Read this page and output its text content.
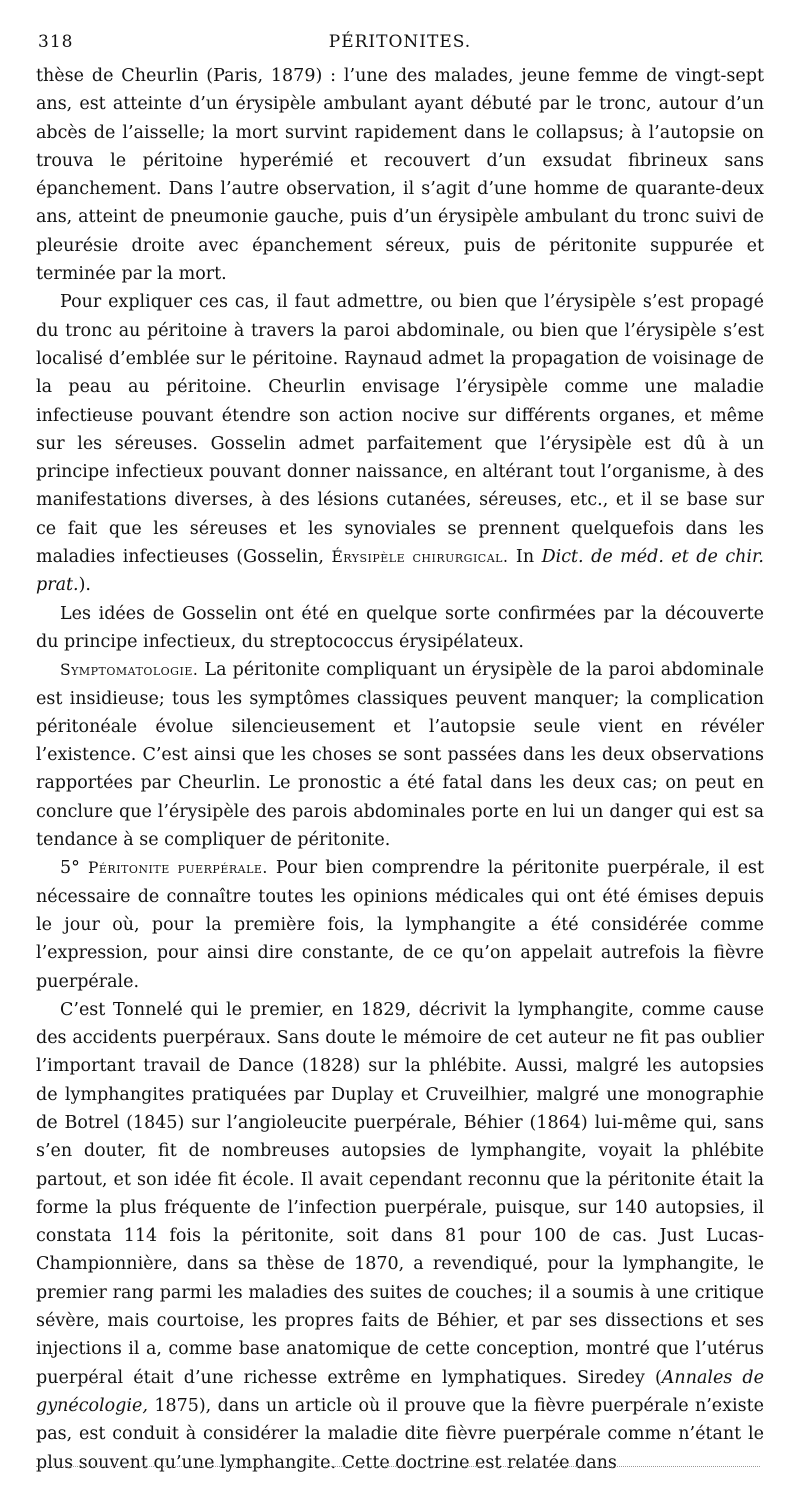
318	PÉRITONITES.

thèse de Cheurlin (Paris, 1879) : l’une des malades, jeune femme de vingt-sept ans, est atteinte d’un érysipèle ambulant ayant débuté par le tronc, autour d’un abcès de l’aisselle; la mort survint rapidement dans le collapsus; à l’autopsie on trouva le péritoine hyperémié et recouvert d’un exsudat fibrineux sans épanchement. Dans l’autre observation, il s’agit d’une homme de quarante-deux ans, atteint de pneumonie gauche, puis d’un érysipèle ambulant du tronc suivi de pleurésie droite avec épanchement séreux, puis de péritonite suppurée et terminée par la mort.

Pour expliquer ces cas, il faut admettre, ou bien que l’érysipèle s’est propagé du tronc au péritoine à travers la paroi abdominale, ou bien que l’érysipèle s’est localisé d’emblée sur le péritoine. Raynaud admet la propagation de voisinage de la peau au péritoine. Cheurlin envisage l’érysipèle comme une maladie infectieuse pouvant étendre son action nocive sur différents organes, et même sur les séreuses. Gosselin admet parfaitement que l’érysipèle est dû à un principe infectieux pouvant donner naissance, en altérant tout l’organisme, à des manifestations diverses, à des lésions cutanées, séreuses, etc., et il se base sur ce fait que les séreuses et les synoviales se prennent quelquefois dans les maladies infectieuses (Gosselin, Érysipèle chirurgical. In Dict. de méd. et de chir. prat.).

Les idées de Gosselin ont été en quelque sorte confirmées par la découverte du principe infectieux, du streptococcus érysipélateux.

Symptomatologie. La péritonite compliquant un érysipèle de la paroi abdominale est insidieuse; tous les symptômes classiques peuvent manquer; la complication péritonéale évolue silencieusement et l’autopsie seule vient en révéler l’existence. C’est ainsi que les choses se sont passées dans les deux observations rapportées par Cheurlin. Le pronostic a été fatal dans les deux cas; on peut en conclure que l’érysipèle des parois abdominales porte en lui un danger qui est sa tendance à se compliquer de péritonite.

5° Péritonite puerpérale. Pour bien comprendre la péritonite puerpérale, il est nécessaire de connaître toutes les opinions médicales qui ont été émises depuis le jour où, pour la première fois, la lymphangite a été considérée comme l’expression, pour ainsi dire constante, de ce qu’on appelait autrefois la fièvre puerpérale.

C’est Tonnelé qui le premier, en 1829, décrivit la lymphangite, comme cause des accidents puerpéraux. Sans doute le mémoire de cet auteur ne fit pas oublier l’important travail de Dance (1828) sur la phlébite. Aussi, malgré les autopsies de lymphangites pratiquées par Duplay et Cruveilhier, malgré une monographie de Botrel (1845) sur l’angioleucite puerpérale, Béhier (1864) lui-même qui, sans s’en douter, fit de nombreuses autopsies de lymphangite, voyait la phlébite partout, et son idée fit école. Il avait cependant reconnu que la péritonite était la forme la plus fréquente de l’infection puerpérale, puisque, sur 140 autopsies, il constata 114 fois la péritonite, soit dans 81 pour 100 de cas. Just Lucas-Championnière, dans sa thèse de 1870, a revendiqué, pour la lymphangite, le premier rang parmi les maladies des suites de couches; il a soumis à une critique sévère, mais courtoise, les propres faits de Béhier, et par ses dissections et ses injections il a, comme base anatomique de cette conception, montré que l’utérus puerpéral était d’une richesse extrême en lymphatiques. Siredey (Annales de gynécologie, 1875), dans un article où il prouve que la fièvre puerpérale n’existe pas, est conduit à considérer la maladie dite fièvre puerpérale comme n’étant le plus souvent qu’une lymphangite. Cette doctrine est relatée dans
